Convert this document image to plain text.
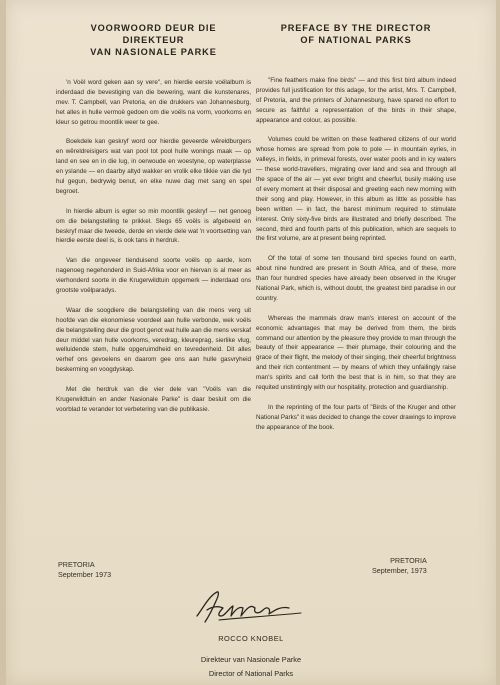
VOORWOORD DEUR DIE
DIREKTEUR
VAN NASIONALE PARKE

'n Voël word geken aan sy vere", en hierdie eerste voëlalbum is inderdaad die bevestiging van die bewering, want die kunstenares, mev. T. Campbell, van Pretoria, en die drukkers van Johannesburg, het alles in hulle vermoë gedoen om die voëls na vorm, voorkoms en kleur so getrou moontlik weer te gee.

Boekdele kan geskryf word oor hierdie geveerde wêreldburgers en wêreldreisigers wat van pool tot pool hulle wonings maak — op land en see en in die lug, in oerwoude en woestyne, op waterplasse en yslande — en daarby altyd wakker en vrolik elke tikkie van die tyd hul gegun, bedrywig benut, en elke nuwe dag met sang en spel begroet.

In hierdie album is egter so min moontlik geskryf — net genoeg om die belangstelling te prikkel. Slegs 65 voëls is afgebeeld en beskryf maar die tweede, derde en vierde dele wat 'n voortsetting van hierdie eerste deel is, is ook tans in herdruk.

Van die ongeveer tienduisend soorte voëls op aarde, kom nagenoeg negehonderd in Suid-Afrika voor en hiervan is al meer as vierhonderd soorte in die Krugerwildtuin opgemerk — inderdaad ons grootste voëlparadys.

Waar die soogdiere die belangstelling van die mens verg uit hoofde van die ekonomiese voordeel aan hulle verbonde, wek voëls die belangstelling deur die groot genot wat hulle aan die mens verskaf deur middel van hulle voorkoms, veredrag, kleureprag, sierlike vlug, welluidende stem, hulle opgeruimdheid en tevredenheid. Dit alles verhef ons gevoelens en daarom gee ons aan hulle gasvryheid beskerming en voogdyskap.

Met die herdruk van die vier dele van "Voëls van die Krugerwildtuin en ander Nasionale Parke" is daar besluit om die voorblad te verander tot verbetering van die publikasie.

PREFACE BY THE DIRECTOR
OF NATIONAL PARKS

"Fine feathers make fine birds" — and this first bird album indeed provides full justification for this adage, for the artist, Mrs. T. Campbell, of Pretoria, and the printers of Johannesburg, have spared no effort to secure as faithful a representation of the birds in their shape, appearance and colour, as possible.

Volumes could be written on these feathered citizens of our world whose homes are spread from pole to pole — in mountain eyries, in valleys, in fields, in primeval forests, over water pools and in icy waters — these world-travellers, migrating over land and sea and through all the space of the air — yet ever bright and cheerful, busily making use of every moment at their disposal and greeting each new morning with their song and play. However, in this album as little as possible has been written — in fact, the barest minimum required to stimulate interest. Only sixty-five birds are illustrated and briefly described. The second, third and fourth parts of this publication, which are sequels to the first volume, are at present being reprinted.

Of the total of some ten thousand bird species found on earth, about nine hundred are present in South Africa, and of these, more than four hundred species have already been observed in the Kruger National Park, which is, without doubt, the greatest bird paradise in our country.

Whereas the mammals draw man's interest on account of the economic advantages that may be derived from them, the birds command our attention by the pleasure they provide to man through the beauty of their appearance — their plumage, their colouring and the grace of their flight, the melody of their singing, their cheerful brightness and their rich contentment — by means of which they unfailingly raise man's spirits and call forth the best that is in him, so that they are requited unstintingly with our hospitality, protection and guardianship.

In the reprinting of the four parts of "Birds of the Kruger and other National Parks" it was decided to change the cover drawings to improve the appearance of the book.

PRETORIA
September 1973
PRETORIA
September, 1973
ROCCO KNOBEL
Direkteur van Nasionale Parke
Director of National Parks
